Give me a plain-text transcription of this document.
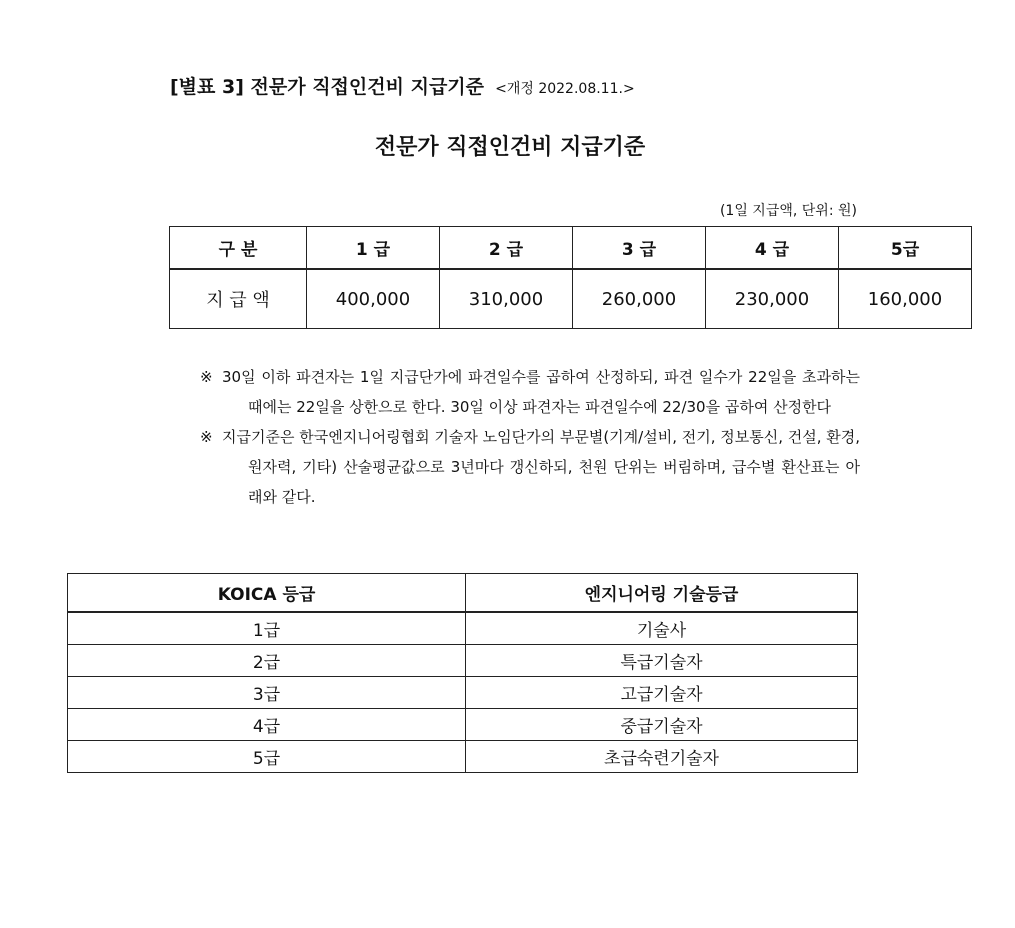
[별표 3] 전문가 직접인건비 지급기준 <개정 2022.08.11.>
전문가 직접인건비 지급기준
(1일 지급액, 단위: 원)
구 분	1 급	2 급	3 급	4 급	5급
지 급 액	400,000	310,000	260,000	230,000	160,000
※ 30일 이하 파견자는 1일 지급단가에 파견일수를 곱하여 산정하되, 파견 일수가 22일을 초과하는 때에는 22일을 상한으로 한다. 30일 이상 파견자는 파견일수에 22/30을 곱하여 산정한다
※ 지급기준은 한국엔지니어링협회 기술자 노임단가의 부문별(기계/설비, 전기, 정보통신, 건설, 환경, 원자력, 기타) 산술평균값으로 3년마다 갱신하되, 천원 단위는 버림하며, 급수별 환산표는 아래와 같다.
KOICA 등급	엔지니어링 기술등급
1급	기술사
2급	특급기술자
3급	고급기술자
4급	중급기술자
5급	초급숙련기술자
